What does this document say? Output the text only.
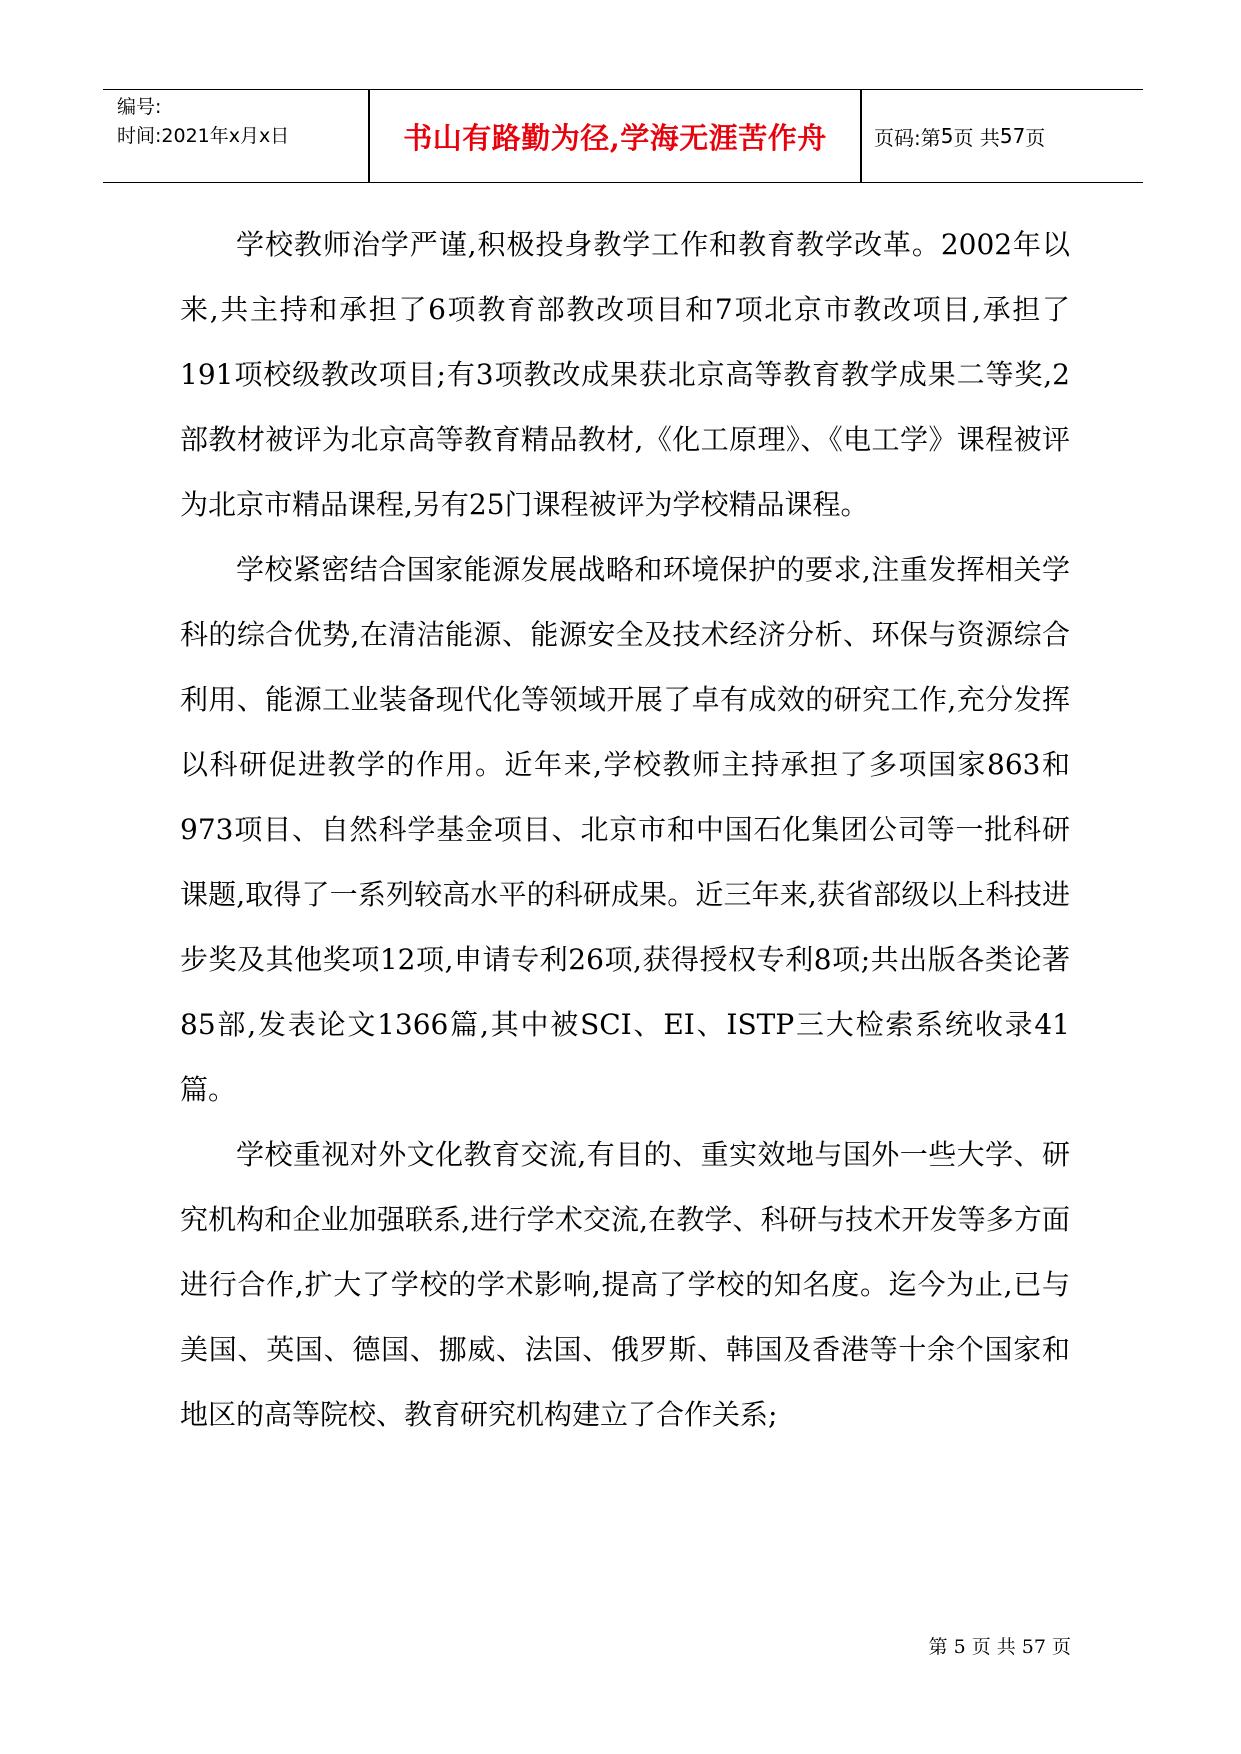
编号:
时间:2021年x月x日	书山有路勤为径,学海无涯苦作舟	页码:第 5 页 共 57 页

学校教师治学严谨,积极投身教学工作和教育教学改革。2002年以来,共主持和承担了6项教育部教改项目和7项北京市教改项目,承担了191项校级教改项目;有3项教改成果获北京高等教育教学成果二等奖,2部教材被评为北京高等教育精品教材,《化工原理》、《电工学》课程被评为北京市精品课程,另有25门课程被评为学校精品课程。

学校紧密结合国家能源发展战略和环境保护的要求,注重发挥相关学科的综合优势,在清洁能源、能源安全及技术经济分析、环保与资源综合利用、能源工业装备现代化等领域开展了卓有成效的研究工作,充分发挥以科研促进教学的作用。近年来,学校教师主持承担了多项国家863和973项目、自然科学基金项目、北京市和中国石化集团公司等一批科研课题,取得了一系列较高水平的科研成果。近三年来,获省部级以上科技进步奖及其他奖项12项,申请专利26项,获得授权专利8项;共出版各类论著85部,发表论文1366篇,其中被SCI、EI、ISTP三大检索系统收录41篇。

学校重视对外文化教育交流,有目的、重实效地与国外一些大学、研究机构和企业加强联系,进行学术交流,在教学、科研与技术开发等多方面进行合作,扩大了学校的学术影响,提高了学校的知名度。迄今为止,已与美国、英国、德国、挪威、法国、俄罗斯、韩国及香港等十余个国家和地区的高等院校、教育研究机构建立了合作关系;

第 5 页 共 57 页
